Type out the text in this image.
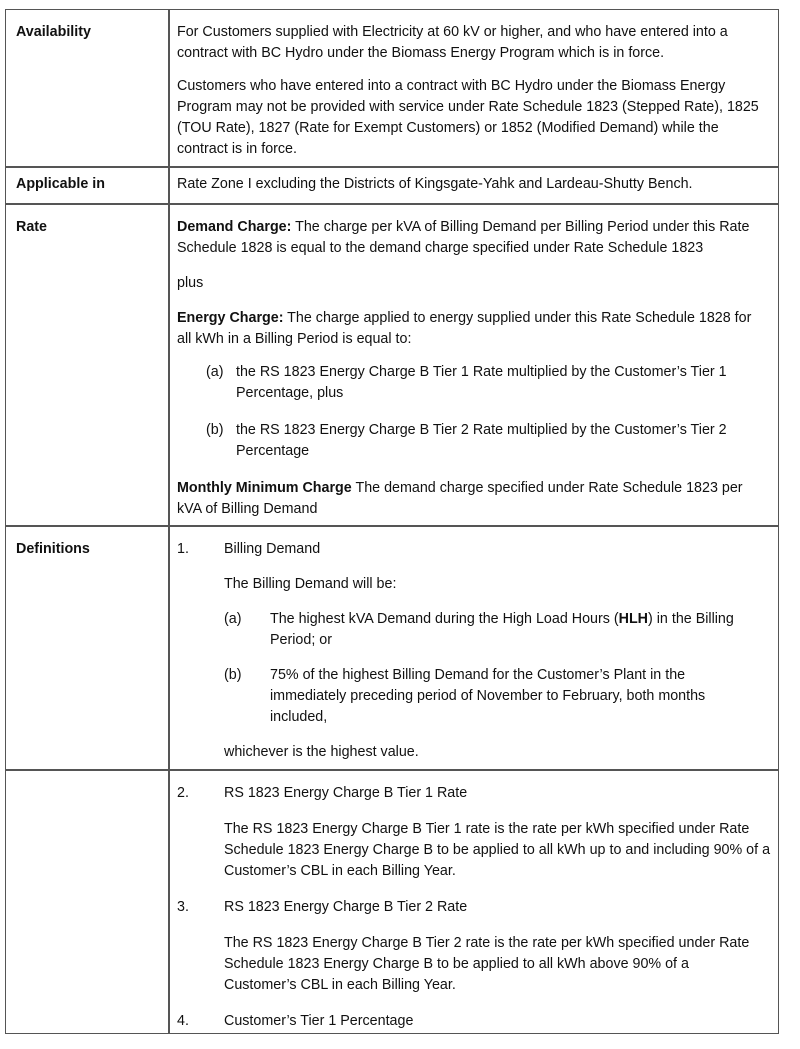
Availability	For Customers supplied with Electricity at 60 kV or higher, and who have entered into a contract with BC Hydro under the Biomass Energy Program which is in force.

Customers who have entered into a contract with BC Hydro under the Biomass Energy Program may not be provided with service under Rate Schedule 1823 (Stepped Rate), 1825 (TOU Rate), 1827 (Rate for Exempt Customers) or 1852 (Modified Demand) while the contract is in force.

Applicable in	Rate Zone I excluding the Districts of Kingsgate-Yahk and Lardeau-Shutty Bench.
Rate	Demand Charge: The charge per kVA of Billing Demand per Billing Period under this Rate Schedule 1828 is equal to the demand charge specified under Rate Schedule 1823

plus

Energy Charge: The charge applied to energy supplied under this Rate Schedule 1828 for all kWh in a Billing Period is equal to:

(a) the RS 1823 Energy Charge B Tier 1 Rate multiplied by the Customer’s Tier 1 Percentage, plus
(b) the RS 1823 Energy Charge B Tier 2 Rate multiplied by the Customer’s Tier 2 Percentage

Monthly Minimum Charge The demand charge specified under Rate Schedule 1823 per kVA of Billing Demand

Definitions	1. Billing Demand
The Billing Demand will be:
(a) The highest kVA Demand during the High Load Hours (HLH) in the Billing Period; or
(b) 75% of the highest Billing Demand for the Customer’s Plant in the immediately preceding period of November to February, both months included,
whichever is the highest value.
2. RS 1823 Energy Charge B Tier 1 Rate
The RS 1823 Energy Charge B Tier 1 rate is the rate per kWh specified under Rate Schedule 1823 Energy Charge B to be applied to all kWh up to and including 90% of a Customer’s CBL in each Billing Year.
3. RS 1823 Energy Charge B Tier 2 Rate
The RS 1823 Energy Charge B Tier 2 rate is the rate per kWh specified under Rate Schedule 1823 Energy Charge B to be applied to all kWh above 90% of a Customer’s CBL in each Billing Year.
4. Customer’s Tier 1 Percentage
